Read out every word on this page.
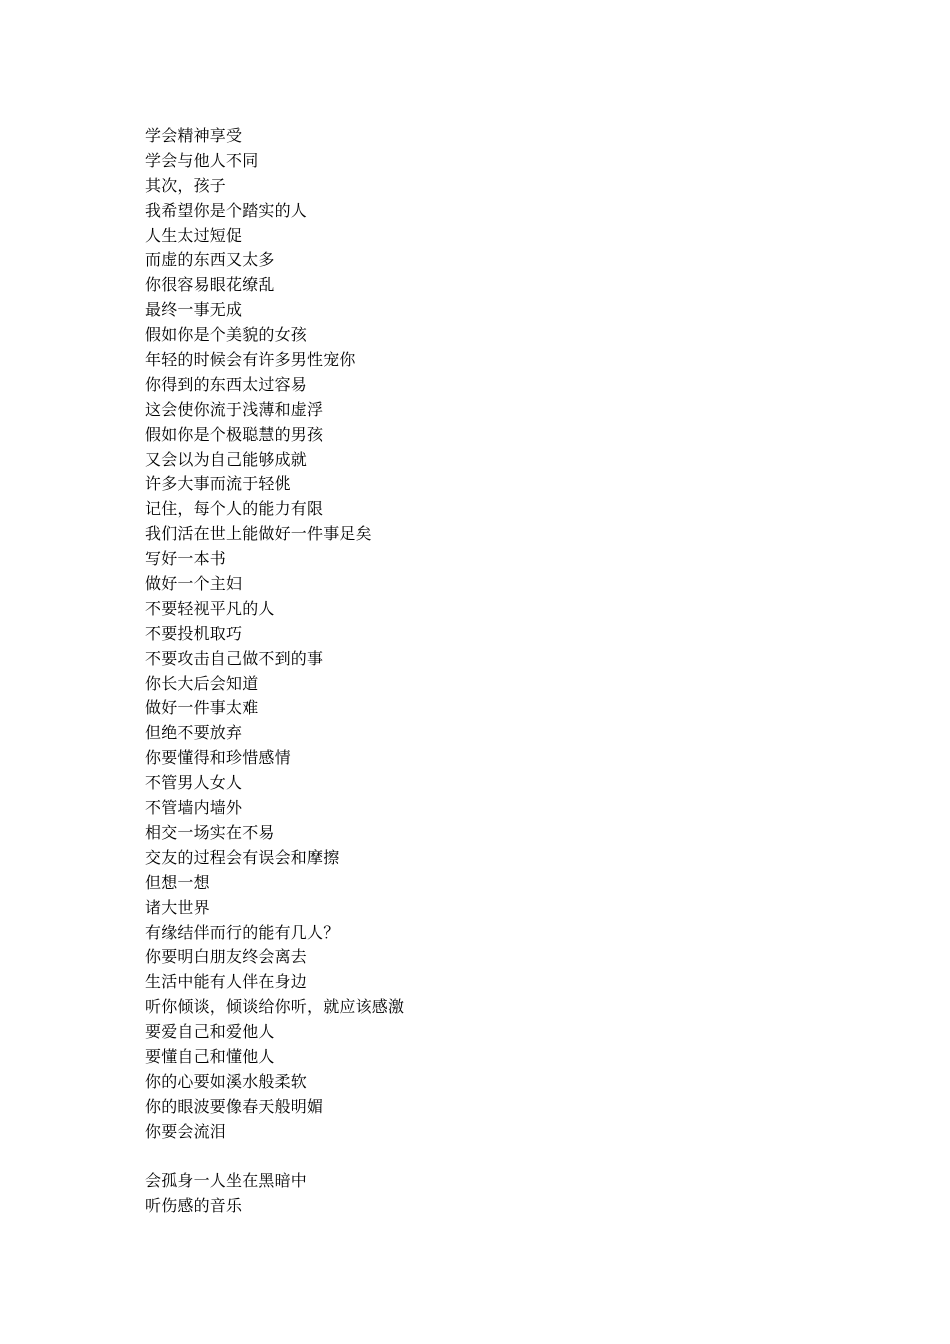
学会精神享受
学会与他人不同
其次，孩子
我希望你是个踏实的人
人生太过短促
而虚的东西又太多
你很容易眼花缭乱
最终一事无成
假如你是个美貌的女孩
年轻的时候会有许多男性宠你
你得到的东西太过容易
这会使你流于浅薄和虚浮
假如你是个极聪慧的男孩
又会以为自己能够成就
许多大事而流于轻佻
记住，每个人的能力有限
我们活在世上能做好一件事足矣
写好一本书
做好一个主妇
不要轻视平凡的人
不要投机取巧
不要攻击自己做不到的事
你长大后会知道
做好一件事太难
但绝不要放弃
你要懂得和珍惜感情
不管男人女人
不管墙内墙外
相交一场实在不易
交友的过程会有误会和摩擦
但想一想
诸大世界
有缘结伴而行的能有几人？
你要明白朋友终会离去
生活中能有人伴在身边
听你倾谈，倾谈给你听，就应该感激
要爱自己和爱他人
要懂自己和懂他人
你的心要如溪水般柔软
你的眼波要像春天般明媚
你要会流泪
会孤身一人坐在黑暗中
听伤感的音乐
